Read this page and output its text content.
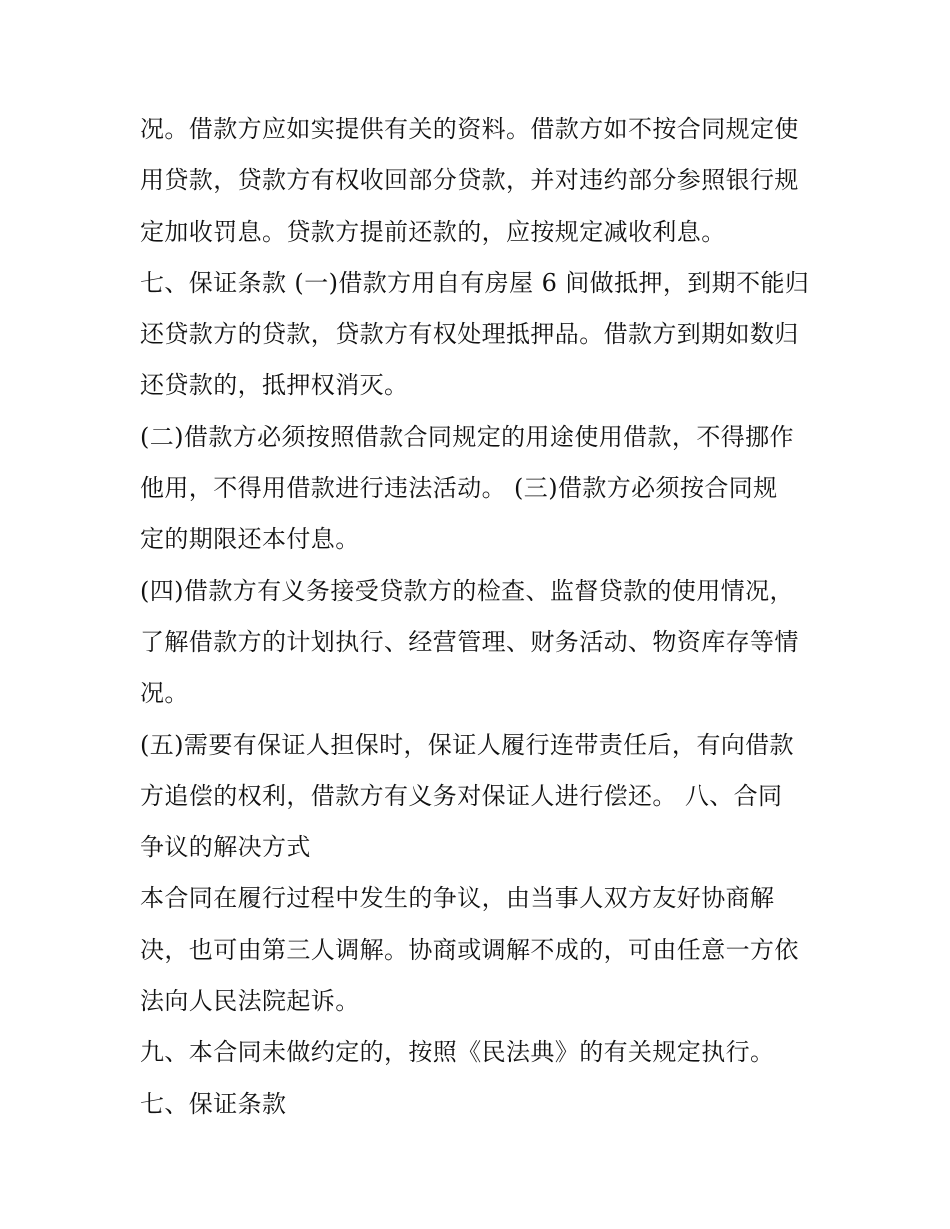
况。借款方应如实提供有关的资料。借款方如不按合同规定使
用贷款，贷款方有权收回部分贷款，并对违约部分参照银行规
定加收罚息。贷款方提前还款的，应按规定减收利息。
七、保证条款 (一)借款方用自有房屋 6 间做抵押，到期不能归
还贷款方的贷款，贷款方有权处理抵押品。借款方到期如数归
还贷款的，抵押权消灭。
(二)借款方必须按照借款合同规定的用途使用借款，不得挪作
他用，不得用借款进行违法活动。 (三)借款方必须按合同规
定的期限还本付息。
(四)借款方有义务接受贷款方的检查、监督贷款的使用情况，
了解借款方的计划执行、经营管理、财务活动、物资库存等情
况。
(五)需要有保证人担保时，保证人履行连带责任后，有向借款
方追偿的权利，借款方有义务对保证人进行偿还。 八、合同
争议的解决方式
本合同在履行过程中发生的争议，由当事人双方友好协商解
决，也可由第三人调解。协商或调解不成的，可由任意一方依
法向人民法院起诉。
九、本合同未做约定的，按照《民法典》的有关规定执行。
七、保证条款
